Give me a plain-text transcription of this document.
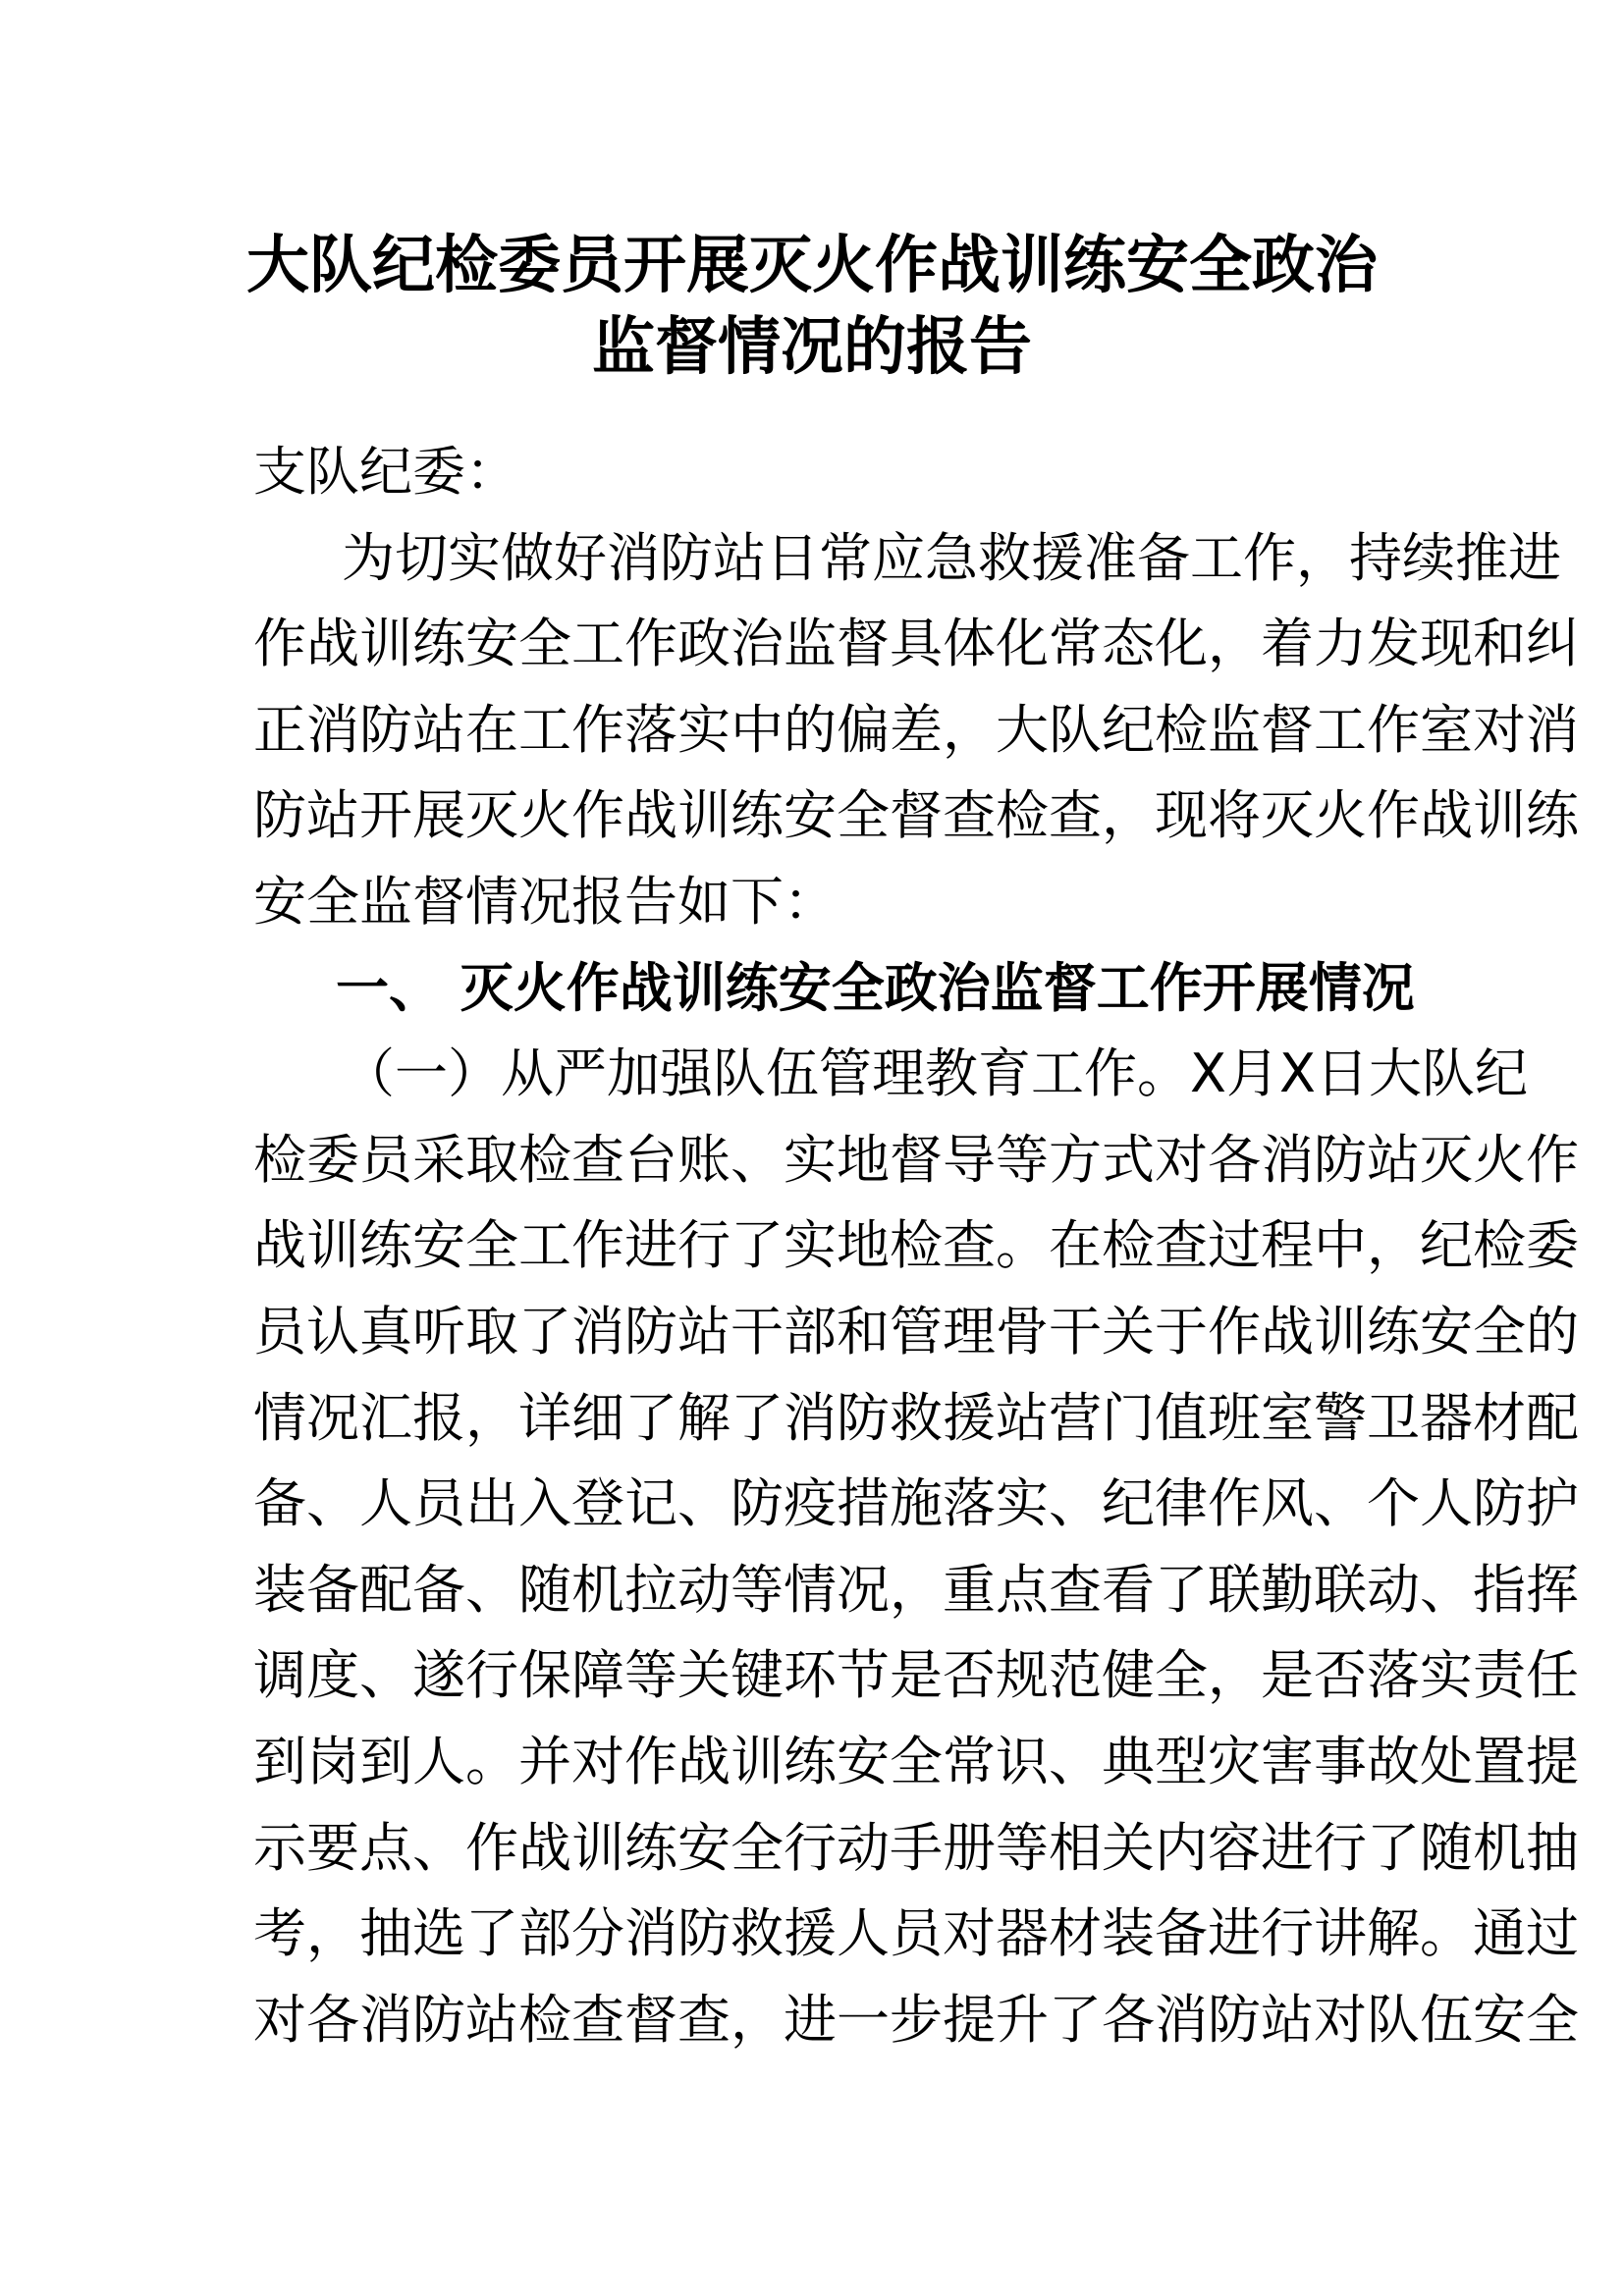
大队纪检委员开展灭火作战训练安全政治
监督情况的报告
支队纪委：
为切实做好消防站日常应急救援准备工作，持续推进
作战训练安全工作政治监督具体化常态化，着力发现和纠
正消防站在工作落实中的偏差，大队纪检监督工作室对消
防站开展灭火作战训练安全督查检查，现将灭火作战训练
安全监督情况报告如下：
一、 灭火作战训练安全政治监督工作开展情况
（一）从严加强队伍管理教育工作。X月X日大队纪
检委员采取检查台账、实地督导等方式对各消防站灭火作
战训练安全工作进行了实地检查。在检查过程中，纪检委
员认真听取了消防站干部和管理骨干关于作战训练安全的
情况汇报，详细了解了消防救援站营门值班室警卫器材配
备、人员出入登记、防疫措施落实、纪律作风、个人防护
装备配备、随机拉动等情况，重点查看了联勤联动、指挥
调度、遂行保障等关键环节是否规范健全，是否落实责任
到岗到人。并对作战训练安全常识、典型灾害事故处置提
示要点、作战训练安全行动手册等相关内容进行了随机抽
考，抽选了部分消防救援人员对器材装备进行讲解。通过
对各消防站检查督查，进一步提升了各消防站对队伍安全
